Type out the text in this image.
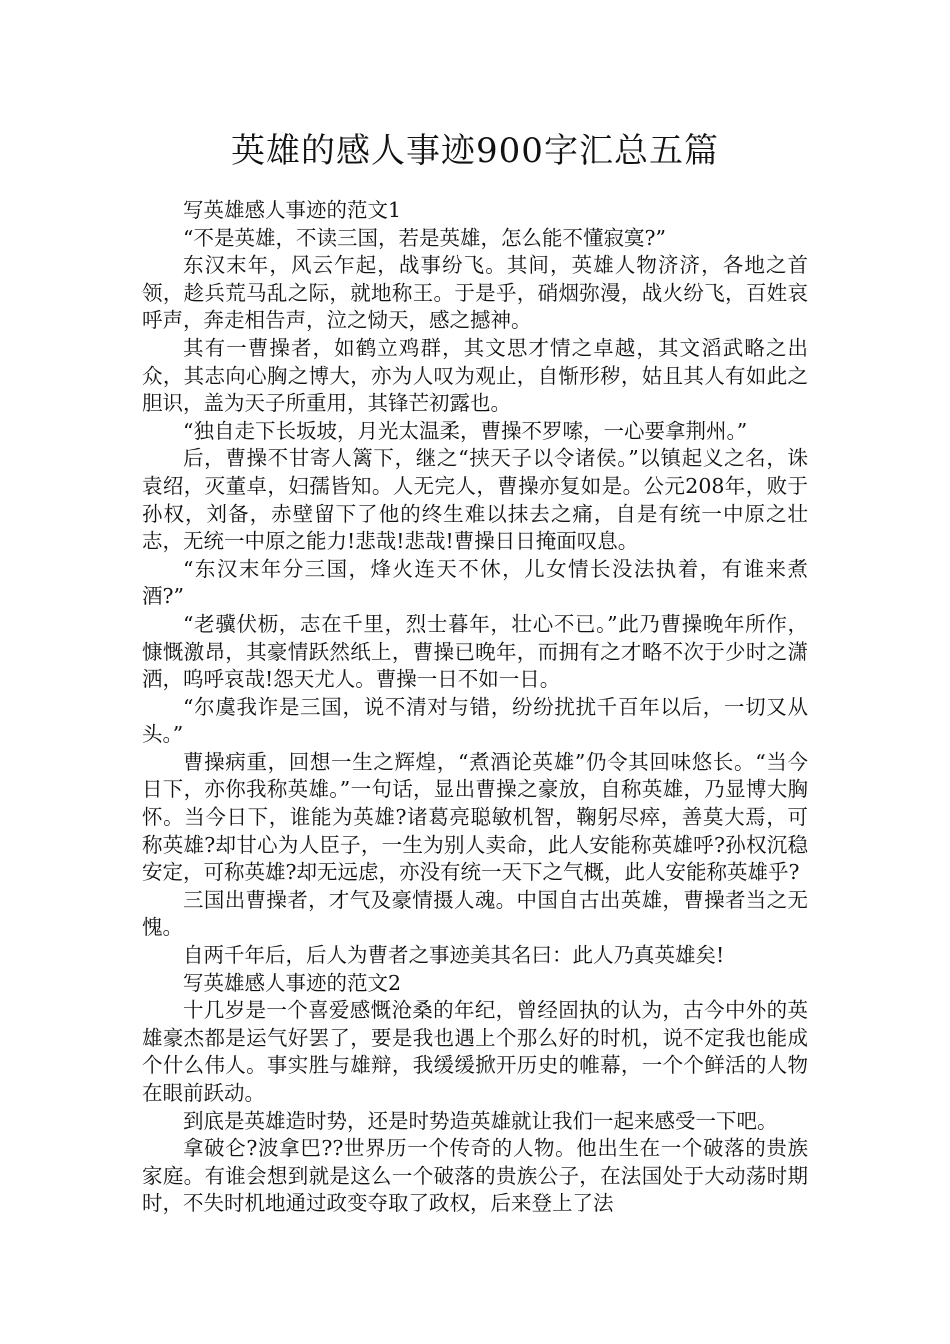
英雄的感人事迹900字汇总五篇

写英雄感人事迹的范文1

“不是英雄，不读三国，若是英雄，怎么能不懂寂寞?”

东汉末年，风云乍起，战事纷飞。其间，英雄人物济济，各地之首领，趁兵荒马乱之际，就地称王。于是乎，硝烟弥漫，战火纷飞，百姓哀呼声，奔走相告声，泣之恸天，感之撼神。

其有一曹操者，如鹤立鸡群，其文思才情之卓越，其文滔武略之出众，其志向心胸之博大，亦为人叹为观止，自惭形秽，姑且其人有如此之胆识，盖为天子所重用，其锋芒初露也。

“独自走下长坂坡，月光太温柔，曹操不罗嗦，一心要拿荆州。”

后，曹操不甘寄人篱下，继之“挟天子以令诸侯。”以镇起义之名，诛袁绍，灭董卓，妇孺皆知。人无完人，曹操亦复如是。公元208年，败于孙权，刘备，赤壁留下了他的终生难以抹去之痛，自是有统一中原之壮志，无统一中原之能力!悲哉!悲哉!曹操日日掩面叹息。

“东汉末年分三国，烽火连天不休，儿女情长没法执着，有谁来煮酒?”

“老骥伏枥，志在千里，烈士暮年，壮心不已。”此乃曹操晚年所作，慷慨激昂，其豪情跃然纸上，曹操已晚年，而拥有之才略不次于少时之潇洒，呜呼哀哉!怨天尤人。曹操一日不如一日。

“尔虞我诈是三国，说不清对与错，纷纷扰扰千百年以后，一切又从头。”

曹操病重，回想一生之辉煌，“煮酒论英雄”仍令其回味悠长。“当今日下，亦你我称英雄。”一句话，显出曹操之豪放，自称英雄，乃显博大胸怀。当今日下，谁能为英雄?诸葛亮聪敏机智，鞠躬尽瘁，善莫大焉，可称英雄?却甘心为人臣子，一生为别人卖命，此人安能称英雄呼?孙权沉稳安定，可称英雄?却无远虑，亦没有统一天下之气概，此人安能称英雄乎?

三国出曹操者，才气及豪情摄人魂。中国自古出英雄，曹操者当之无愧。

自两千年后，后人为曹者之事迹美其名曰：此人乃真英雄矣!

写英雄感人事迹的范文2

十几岁是一个喜爱感慨沧桑的年纪，曾经固执的认为，古今中外的英雄豪杰都是运气好罢了，要是我也遇上个那么好的时机，说不定我也能成个什么伟人。事实胜与雄辩，我缓缓掀开历史的帷幕，一个个鲜活的人物在眼前跃动。

到底是英雄造时势，还是时势造英雄就让我们一起来感受一下吧。

拿破仑?波拿巴??世界历一个传奇的人物。他出生在一个破落的贵族家庭。有谁会想到就是这么一个破落的贵族公子，在法国处于大动荡时期时，不失时机地通过政变夺取了政权，后来登上了法
